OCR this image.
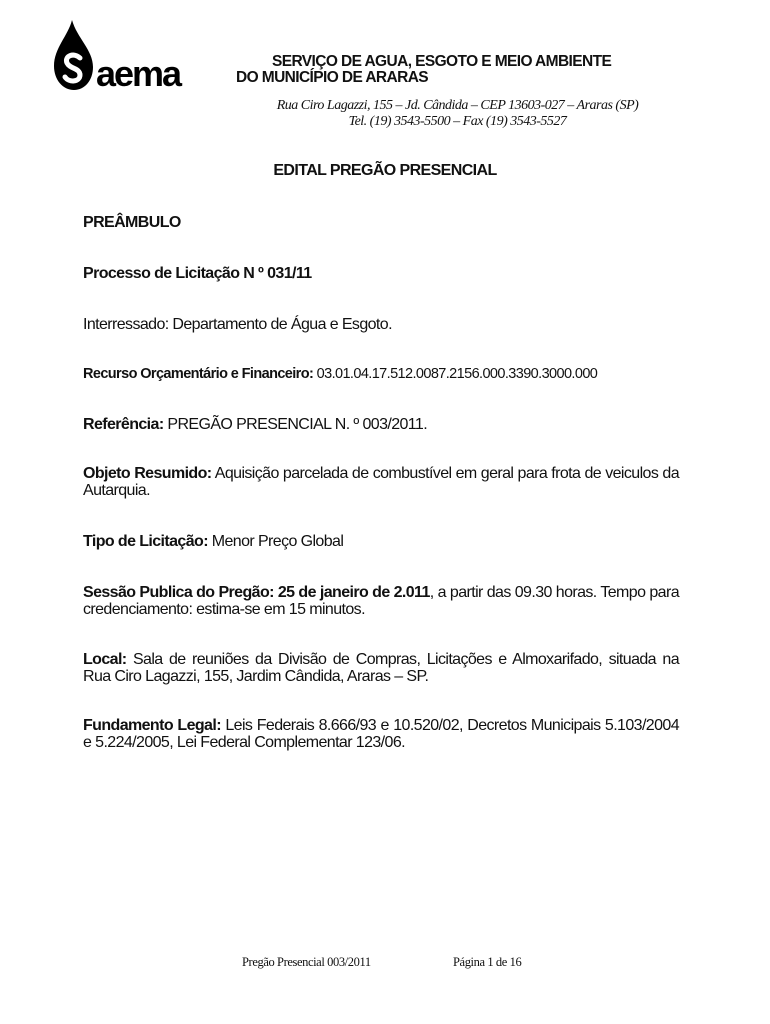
aema	SERVIÇO DE AGUA, ESGOTO E MEIO AMBIENTE
DO MUNICÍPIO DE ARARAS
Rua Ciro Lagazzi, 155 – Jd. Cândida – CEP 13603-027 – Araras (SP)
Tel. (19) 3543-5500 – Fax (19) 3543-5527
EDITAL PREGÃO PRESENCIAL
PREÂMBULO
Processo de Licitação N º 031/11
Interressado: Departamento de Água e Esgoto.
Recurso Orçamentário e Financeiro: 03.01.04.17.512.0087.2156.000.3390.3000.000
Referência: PREGÃO PRESENCIAL N. º 003/2011.
Objeto Resumido: Aquisição parcelada de combustível em geral para frota de veiculos da Autarquia.
Tipo de Licitação: Menor Preço Global
Sessão Publica do Pregão: 25 de janeiro de 2.011, a partir das 09.30 horas. Tempo para credenciamento: estima-se em 15 minutos.
Local: Sala de reuniões da Divisão de Compras, Licitações e Almoxarifado, situada na Rua Ciro Lagazzi, 155, Jardim Cândida, Araras – SP.
Fundamento Legal: Leis Federais 8.666/93 e 10.520/02, Decretos Municipais 5.103/2004 e 5.224/2005, Lei Federal Complementar 123/06.
Pregão Presencial 003/2011	Página 1 de 16
